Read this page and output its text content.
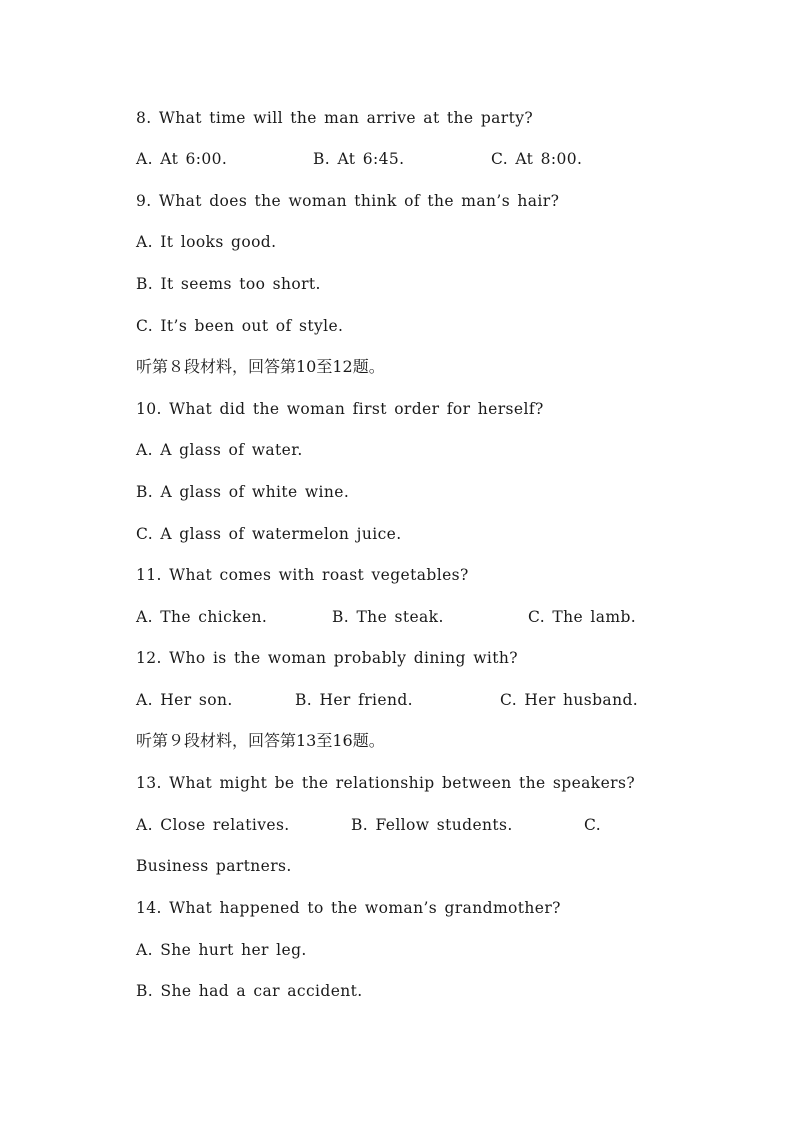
8. What time will the man arrive at the party?
A. At 6:00.	B. At 6:45.	C. At 8:00.
9. What does the woman think of the man’s hair?
A. It looks good.
B. It seems too short.
C. It’s been out of style.
听第８段材料，回答第10至12题。
10. What did the woman first order for herself?
A. A glass of water.
B. A glass of white wine.
C. A glass of watermelon juice.
11. What comes with roast vegetables?
A. The chicken.	B. The steak.	C. The lamb.
12. Who is the woman probably dining with?
A. Her son.	B. Her friend.	C. Her husband.
听第９段材料，回答第13至16题。
13. What might be the relationship between the speakers?
A. Close relatives.	B. Fellow students.	C.
Business partners.
14. What happened to the woman’s grandmother?
A. She hurt her leg.
B. She had a car accident.
